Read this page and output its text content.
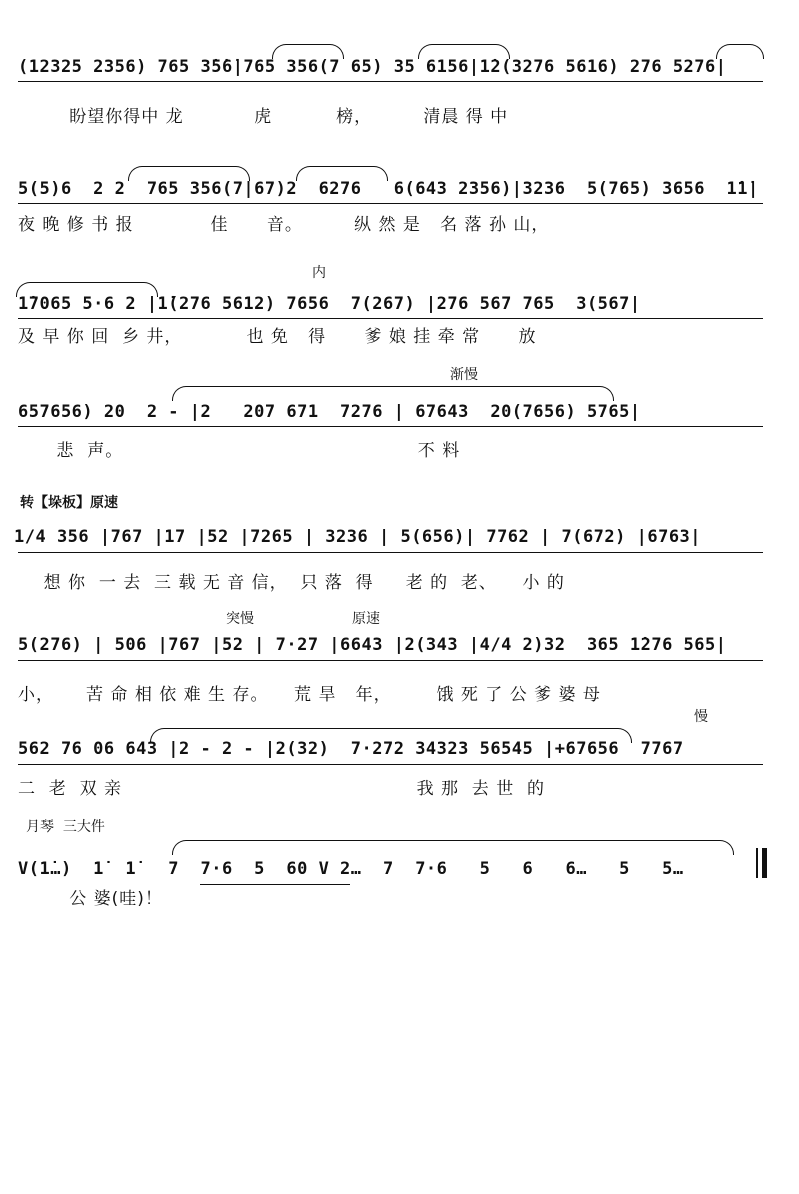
(12325 2356) 765 3̇5̇6̇|765 356(7 65) 35 6156|1̇2(3276 5616) 276 5276|
盼望你得中 龙           虎          榜，        清晨 得 中
5(5)6  2 2  765 356(7|67)2  6276   6(643 2356)|3236  5(765) 3656  1̇1̇|
夜 晚 修 书 报            佳      音。        纵 然 是   名 落 孙 山，
内
1̇7065 5·6 2 |1̇(276 5612) 7656  7(267) |276 567 765  3(567|
及 早 你 回  乡 井，          也 免   得      爹 娘 挂 牵 常      放
渐慢
657656) 20  2 - |2   207 671  7276 | 67643  20(7656) 5765|
悲  声。                                              不 料
转【垛板】原速
1/4 356 |767 |17 |52 |7265 | 3236 | 5(656)| 7762 | 7(672) |6763|
想 你  一 去  三 载 无 音 信，  只 落  得     老 的  老、    小 的
突慢	原速
5(276) | 506 |767 |52 | 7·27 |6643 |2(343 |4/4 2)32  365 1̇276 565|
小，     苦 命 相 依 难 生 存。    荒 旱   年，       饿 死 了 公 爹 婆 母
慢
562 76 06 643 |2 - 2 - |2(32)  7·272 34323 56545 |+67656  7767
二  老  双 亲                                              我 那  去 世  的
月琴  三大件
V(1̇…)  1̇  1̇   7  7·6  5  60 V 2…  7  7·6   5   6   6…   5   5…
公 婆(哇)！
